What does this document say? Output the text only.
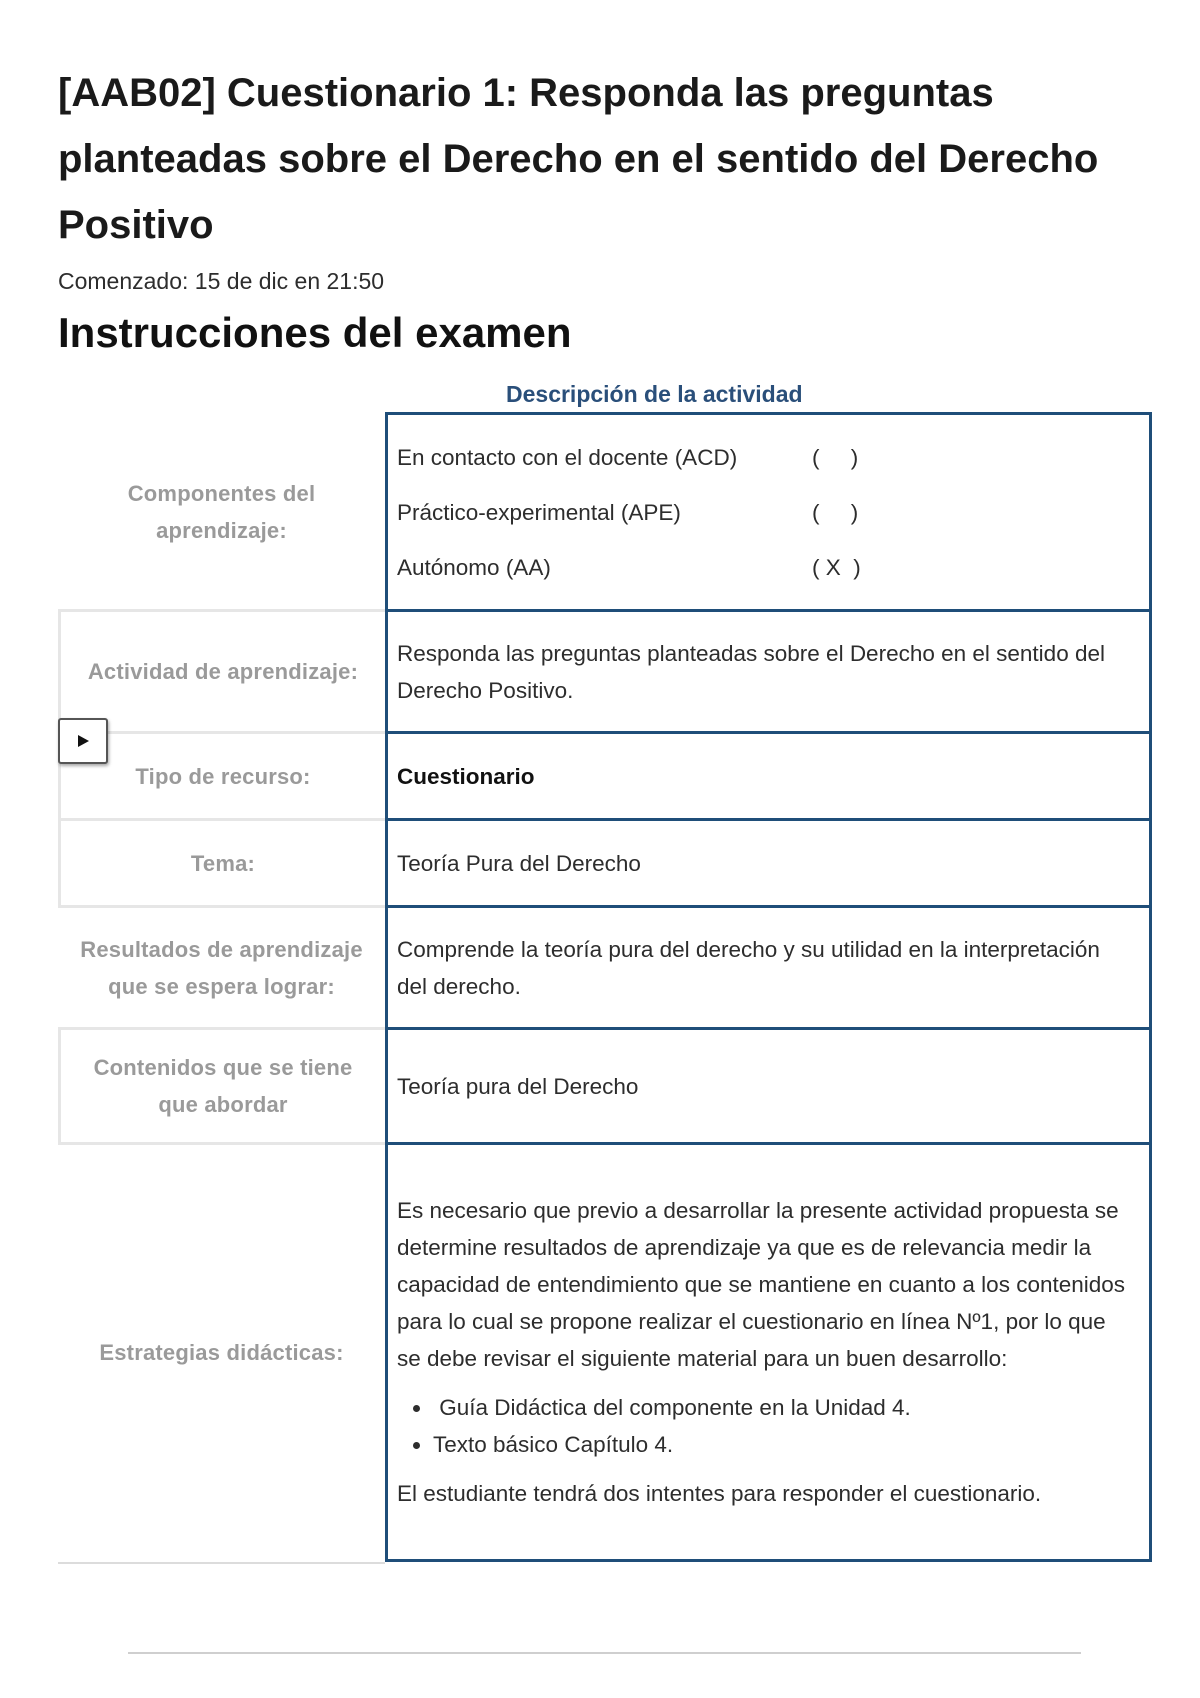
[AAB02] Cuestionario 1: Responda las preguntas planteadas sobre el Derecho en el sentido del Derecho Positivo
Comenzado: 15 de dic en 21:50
Instrucciones del examen
Descripción de la actividad
Componentes del aprendizaje:
En contacto con el docente (ACD)	(     )
Práctico-experimental (APE)	(     )
Autónomo (AA)	( X  )
Actividad de aprendizaje:

Responda las preguntas planteadas sobre el Derecho en el sentido del Derecho Positivo.

Tipo de recurso:	Cuestionario

Tema:	Teoría Pura del Derecho

Resultados de aprendizaje que se espera lograr:

Comprende la teoría pura del derecho y su utilidad en la interpretación del derecho.

Contenidos que se tiene que abordar

Teoría pura del Derecho

Estrategias didácticas:

Es necesario que previo a desarrollar la presente actividad propuesta se determine resultados de aprendizaje ya que es de relevancia medir la capacidad de entendimiento que se mantiene en cuanto a los contenidos para lo cual se propone realizar el cuestionario en línea Nº1, por lo que se debe revisar el siguiente material para un buen desarrollo:

•  Guía Didáctica del componente en la Unidad 4.
• Texto básico Capítulo 4.

El estudiante tendrá dos intentes para responder el cuestionario.
